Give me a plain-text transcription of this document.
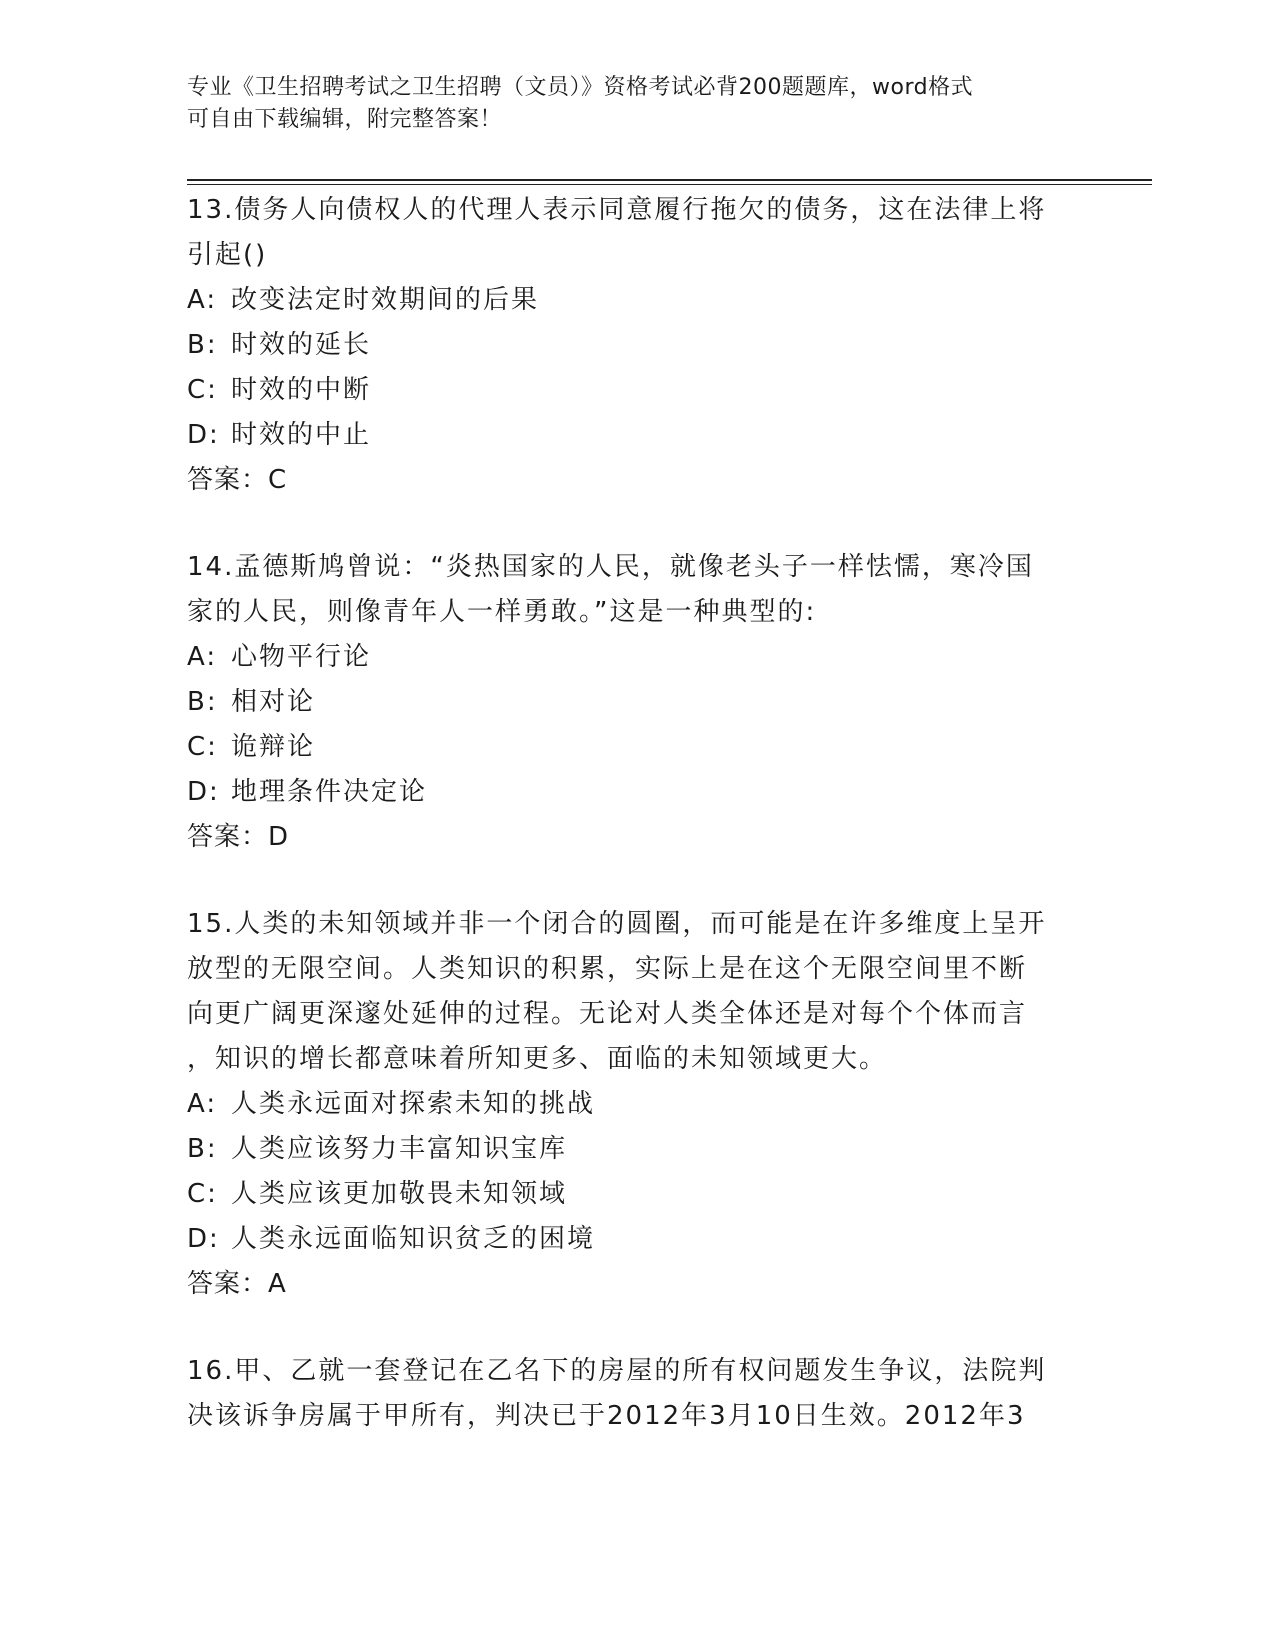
专业《卫生招聘考试之卫生招聘（文员）》资格考试必背200题题库，word格式
可自由下载编辑，附完整答案！
13.债务人向债权人的代理人表示同意履行拖欠的债务，这在法律上将
引起()
A: 改变法定时效期间的后果
B: 时效的延长
C: 时效的中断
D: 时效的中止
答案：C
14.孟德斯鸠曾说：“炎热国家的人民，就像老头子一样怯懦，寒冷国
家的人民，则像青年人一样勇敢。”这是一种典型的:
A: 心物平行论
B: 相对论
C: 诡辩论
D: 地理条件决定论
答案：D
15.人类的未知领域并非一个闭合的圆圈，而可能是在许多维度上呈开
放型的无限空间。人类知识的积累，实际上是在这个无限空间里不断
向更广阔更深邃处延伸的过程。无论对人类全体还是对每个个体而言
，知识的增长都意味着所知更多、面临的未知领域更大。
A: 人类永远面对探索未知的挑战
B: 人类应该努力丰富知识宝库
C: 人类应该更加敬畏未知领域
D: 人类永远面临知识贫乏的困境
答案：A
16.甲、乙就一套登记在乙名下的房屋的所有权问题发生争议，法院判
决该诉争房属于甲所有，判决已于2012年3月10日生效。2012年3
